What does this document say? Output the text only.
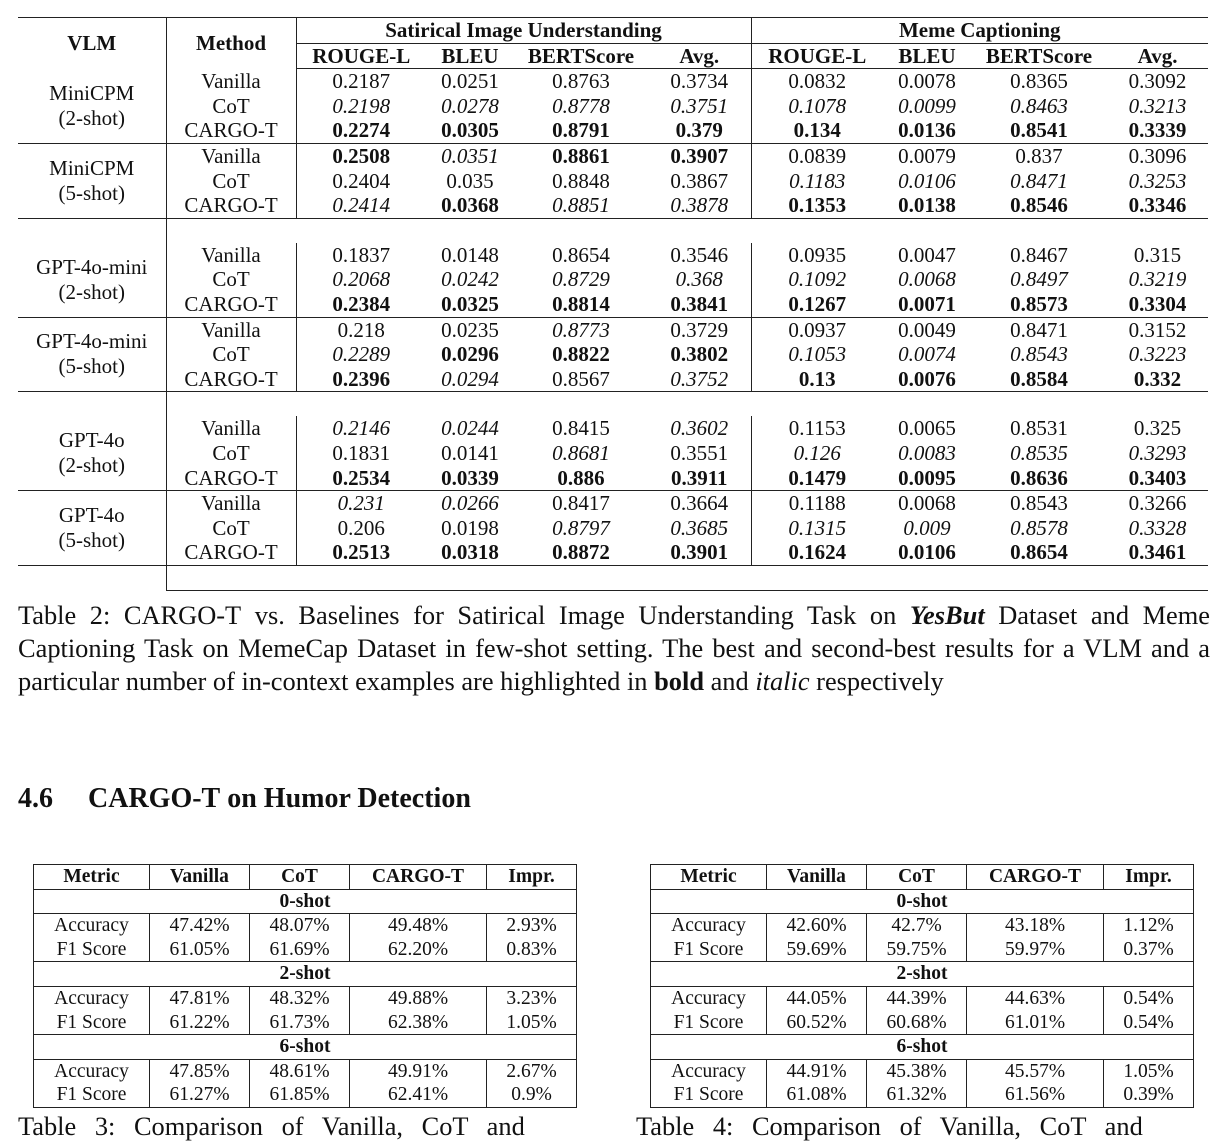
VLM	Method	Satirical Image Understanding				Meme Captioning			
		ROUGE-L	BLEU	BERTScore	Avg.	ROUGE-L	BLEU	BERTScore	Avg.

MiniCPM
(2-shot)	Vanilla	0.2187	0.0251	0.8763	0.3734	0.0832	0.0078	0.8365	0.3092
	CoT	0.2198	0.0278	0.8778	0.3751	0.1078	0.0099	0.8463	0.3213
	CARGO-T	0.2274	0.0305	0.8791	0.379	0.134	0.0136	0.8541	0.3339

MiniCPM
(5-shot)	Vanilla	0.2508	0.0351	0.8861	0.3907	0.0839	0.0079	0.837	0.3096
	CoT	0.2404	0.035	0.8848	0.3867	0.1183	0.0106	0.8471	0.3253
	CARGO-T	0.2414	0.0368	0.8851	0.3878	0.1353	0.0138	0.8546	0.3346

GPT-4o-mini
(2-shot)	Vanilla	0.1837	0.0148	0.8654	0.3546	0.0935	0.0047	0.8467	0.315
	CoT	0.2068	0.0242	0.8729	0.368	0.1092	0.0068	0.8497	0.3219
	CARGO-T	0.2384	0.0325	0.8814	0.3841	0.1267	0.0071	0.8573	0.3304

GPT-4o-mini
(5-shot)	Vanilla	0.218	0.0235	0.8773	0.3729	0.0937	0.0049	0.8471	0.3152
	CoT	0.2289	0.0296	0.8822	0.3802	0.1053	0.0074	0.8543	0.3223
	CARGO-T	0.2396	0.0294	0.8567	0.3752	0.13	0.0076	0.8584	0.332

GPT-4o
(2-shot)	Vanilla	0.2146	0.0244	0.8415	0.3602	0.1153	0.0065	0.8531	0.325
	CoT	0.1831	0.0141	0.8681	0.3551	0.126	0.0083	0.8535	0.3293
	CARGO-T	0.2534	0.0339	0.886	0.3911	0.1479	0.0095	0.8636	0.3403

GPT-4o
(5-shot)	Vanilla	0.231	0.0266	0.8417	0.3664	0.1188	0.0068	0.8543	0.3266
	CoT	0.206	0.0198	0.8797	0.3685	0.1315	0.009	0.8578	0.3328
	CARGO-T	0.2513	0.0318	0.8872	0.3901	0.1624	0.0106	0.8654	0.3461

Table 2: CARGO-T vs. Baselines for Satirical Image Understanding Task on YesBut Dataset and Meme Captioning Task on MemeCap Dataset in few-shot setting. The best and second-best results for a VLM and a particular number of in-context examples are highlighted in bold and italic respectively
4.6 CARGO-T on Humor Detection
Metric	Vanilla	CoT	CARGO-T	Impr.
0-shot				
Accuracy	47.42%	48.07%	49.48%	2.93%
F1 Score	61.05%	61.69%	62.20%	0.83%
2-shot				
Accuracy	47.81%	48.32%	49.88%	3.23%
F1 Score	61.22%	61.73%	62.38%	1.05%
6-shot				
Accuracy	47.85%	48.61%	49.91%	2.67%
F1 Score	61.27%	61.85%	62.41%	0.9%
Metric	Vanilla	CoT	CARGO-T	Impr.
0-shot				
Accuracy	42.60%	42.7%	43.18%	1.12%
F1 Score	59.69%	59.75%	59.97%	0.37%
2-shot				
Accuracy	44.05%	44.39%	44.63%	0.54%
F1 Score	60.52%	60.68%	61.01%	0.54%
6-shot				
Accuracy	44.91%	45.38%	45.57%	1.05%
F1 Score	61.08%	61.32%	61.56%	0.39%
Table 3: Comparison of Vanilla, CoT and	Table 4: Comparison of Vanilla, CoT and
